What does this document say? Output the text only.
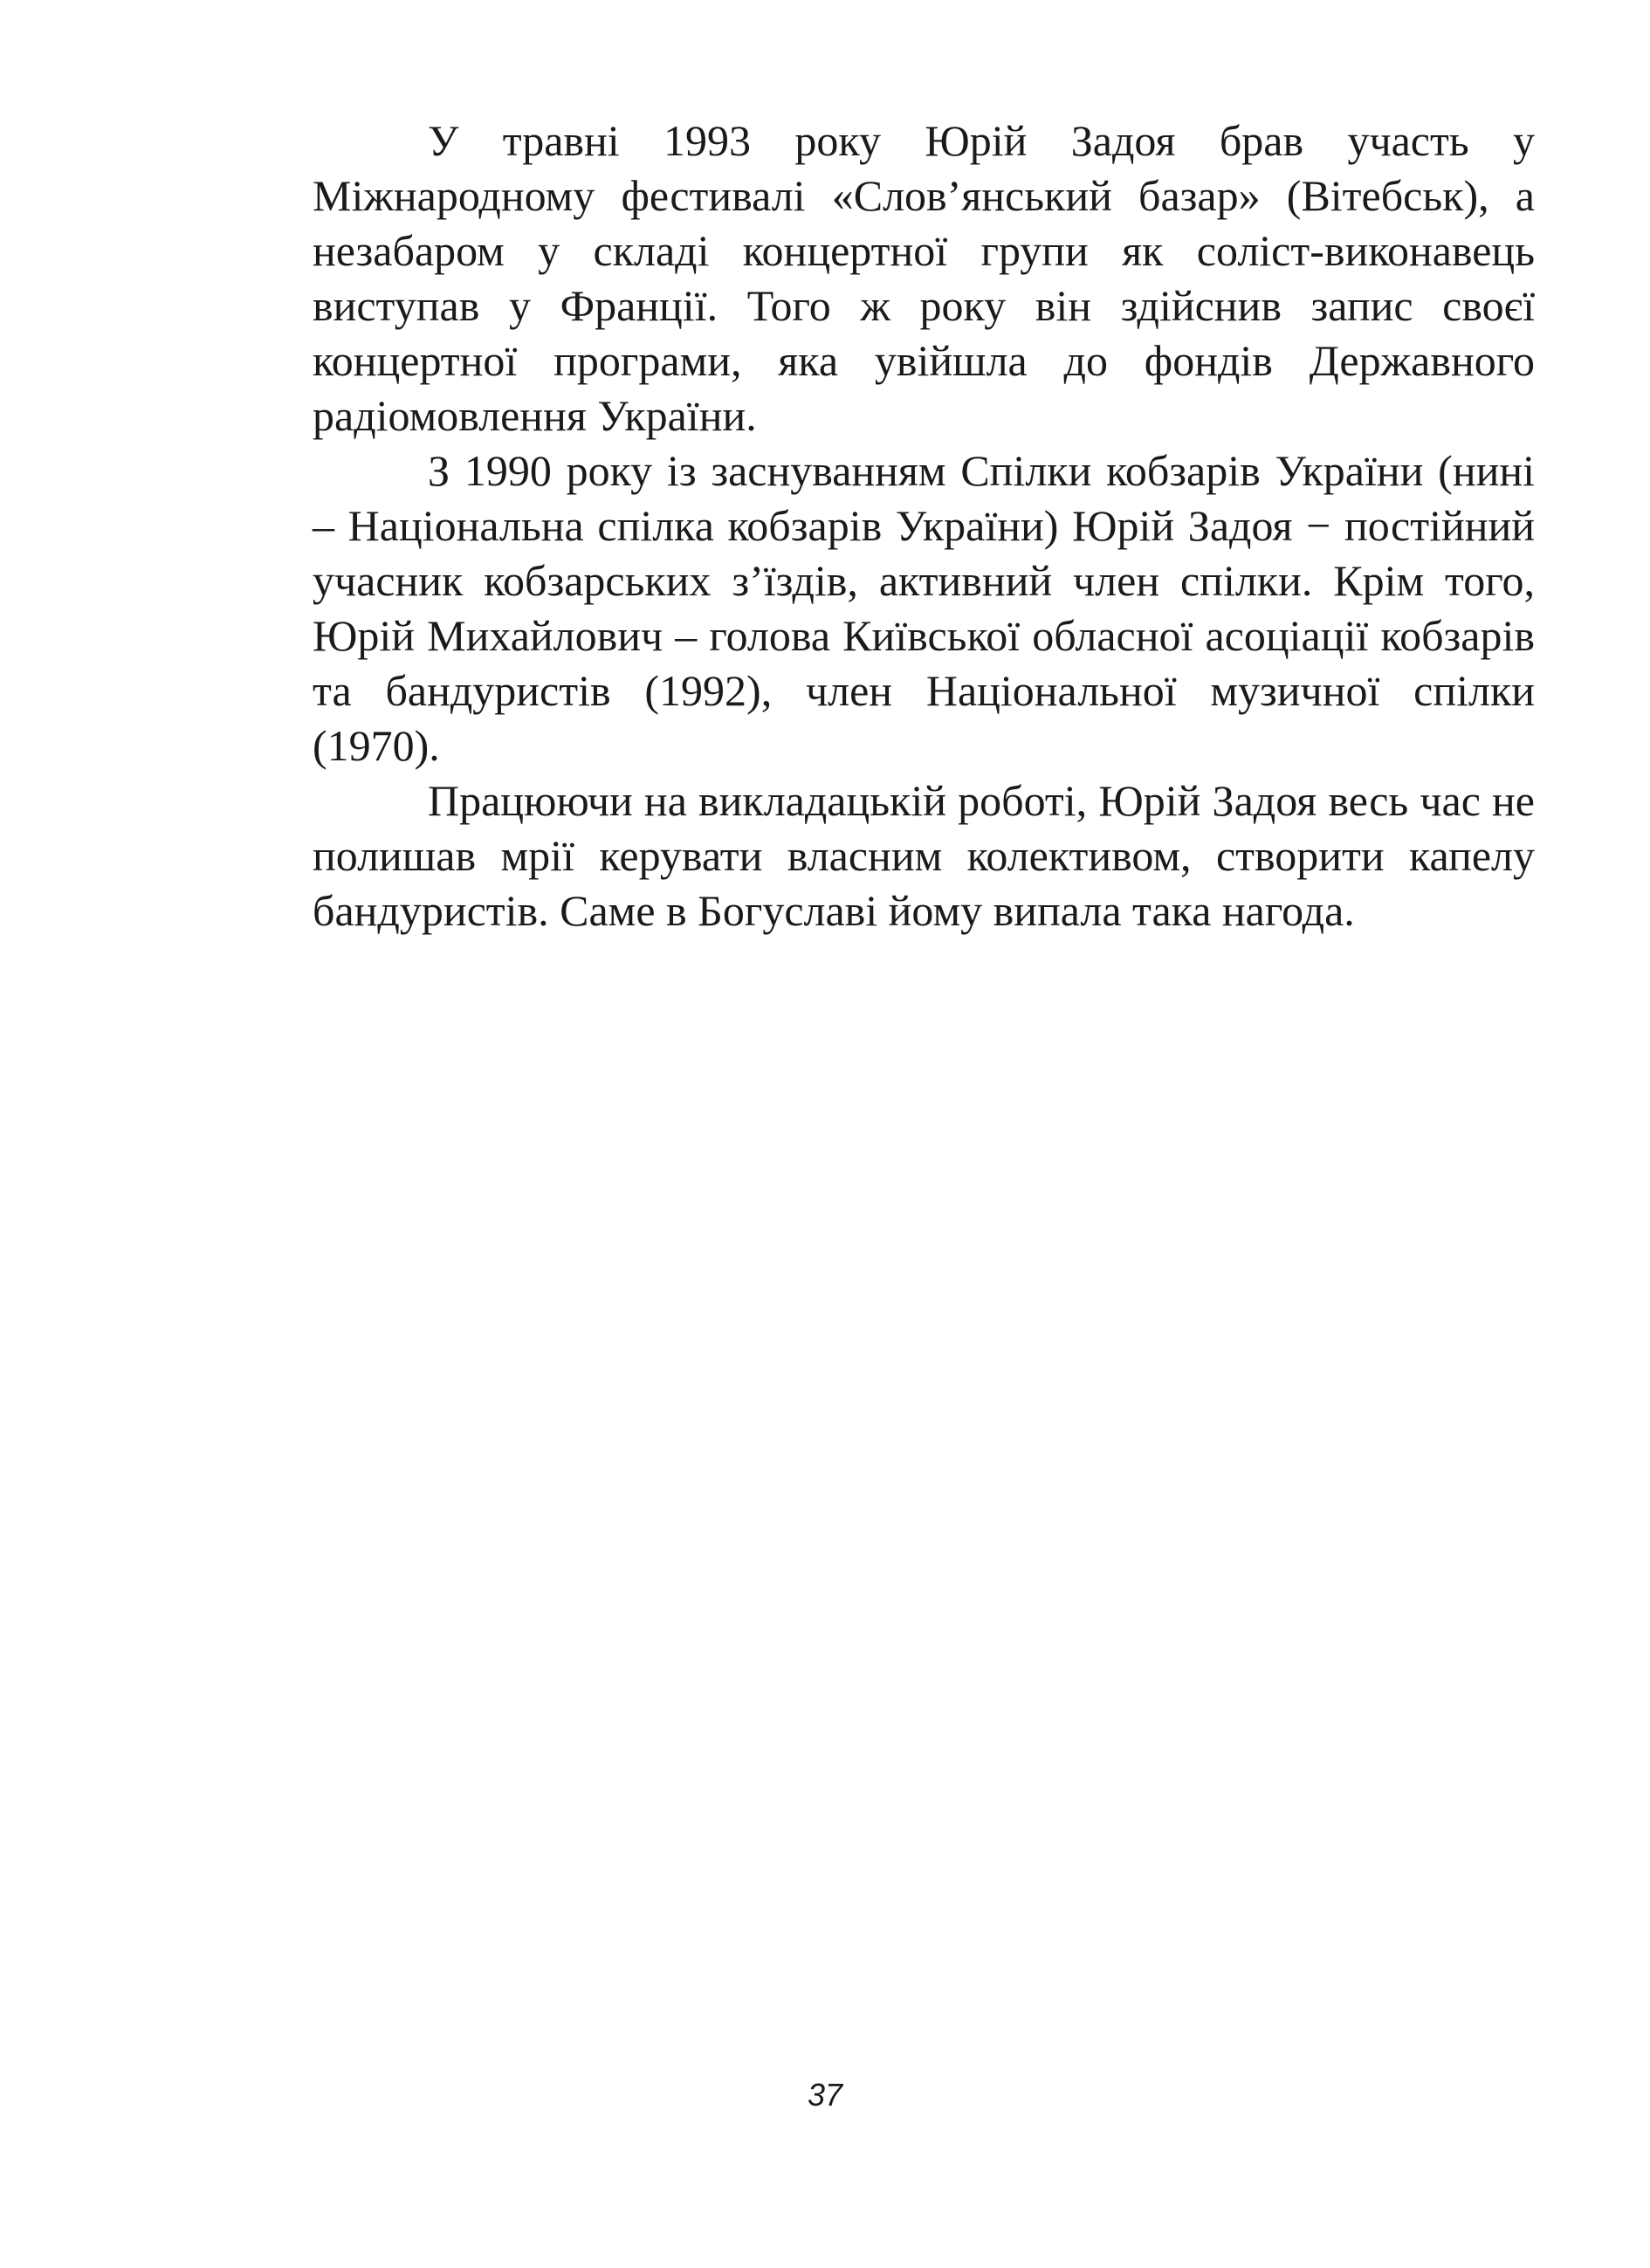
У травні 1993 року Юрій Задоя брав участь у Міжнародному фестивалі «Слов’янський базар» (Вітебськ), а незабаром у складі концертної групи як соліст-виконавець виступав у Франції. Того ж року він здійснив запис своєї концертної програми, яка увійшла до фондів Державного радіомовлення України.

З 1990 року із заснуванням Спілки кобзарів України (нині – Національна спілка кобзарів України) Юрій Задоя − постійний учасник кобзарських з’їздів, активний член спілки. Крім того, Юрій Михайлович – голова Київської обласної асоціації кобзарів та бандуристів (1992), член Національної музичної спілки (1970).

Працюючи на викладацькій роботі, Юрій Задоя весь час не полишав мрії керувати власним колективом, створити капелу бандуристів. Саме в Богуславі йому випала така нагода.

37
